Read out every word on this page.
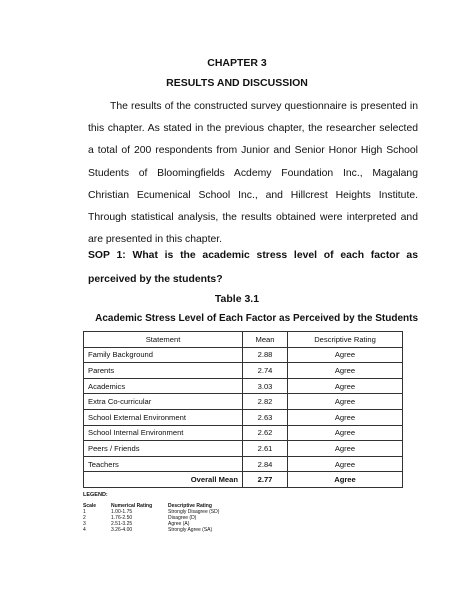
CHAPTER 3
RESULTS AND DISCUSSION
The results of the constructed survey questionnaire is presented in this chapter. As stated in the previous chapter, the researcher selected a total of 200 respondents from Junior and Senior Honor High School Students of Bloomingfields Acdemy Foundation Inc., Magalang Christian Ecumenical School Inc., and Hillcrest Heights Institute. Through statistical analysis, the results obtained were interpreted and are presented in this chapter.
SOP 1: What is the academic stress level of each factor as perceived by the students?
Table 3.1
Academic Stress Level of Each Factor as Perceived by the Students
Statement	Mean	Descriptive Rating
Family Background	2.88	Agree
Parents	2.74	Agree
Academics	3.03	Agree
Extra Co-curricular	2.82	Agree
School External Environment	2.63	Agree
School Internal Environment	2.62	Agree
Peers / Friends	2.61	Agree
Teachers	2.84	Agree
Overall Mean	2.77	Agree
LEGEND:
Scale	Numerical Rating	Descriptive Rating
1	1.00-1.75	Strongly Disagree (SD)
2	1.76-2.50	Disagree (D)
3	2.51-3.25	Agree (A)
4	3.26-4.00	Strongly Agree (SA)
